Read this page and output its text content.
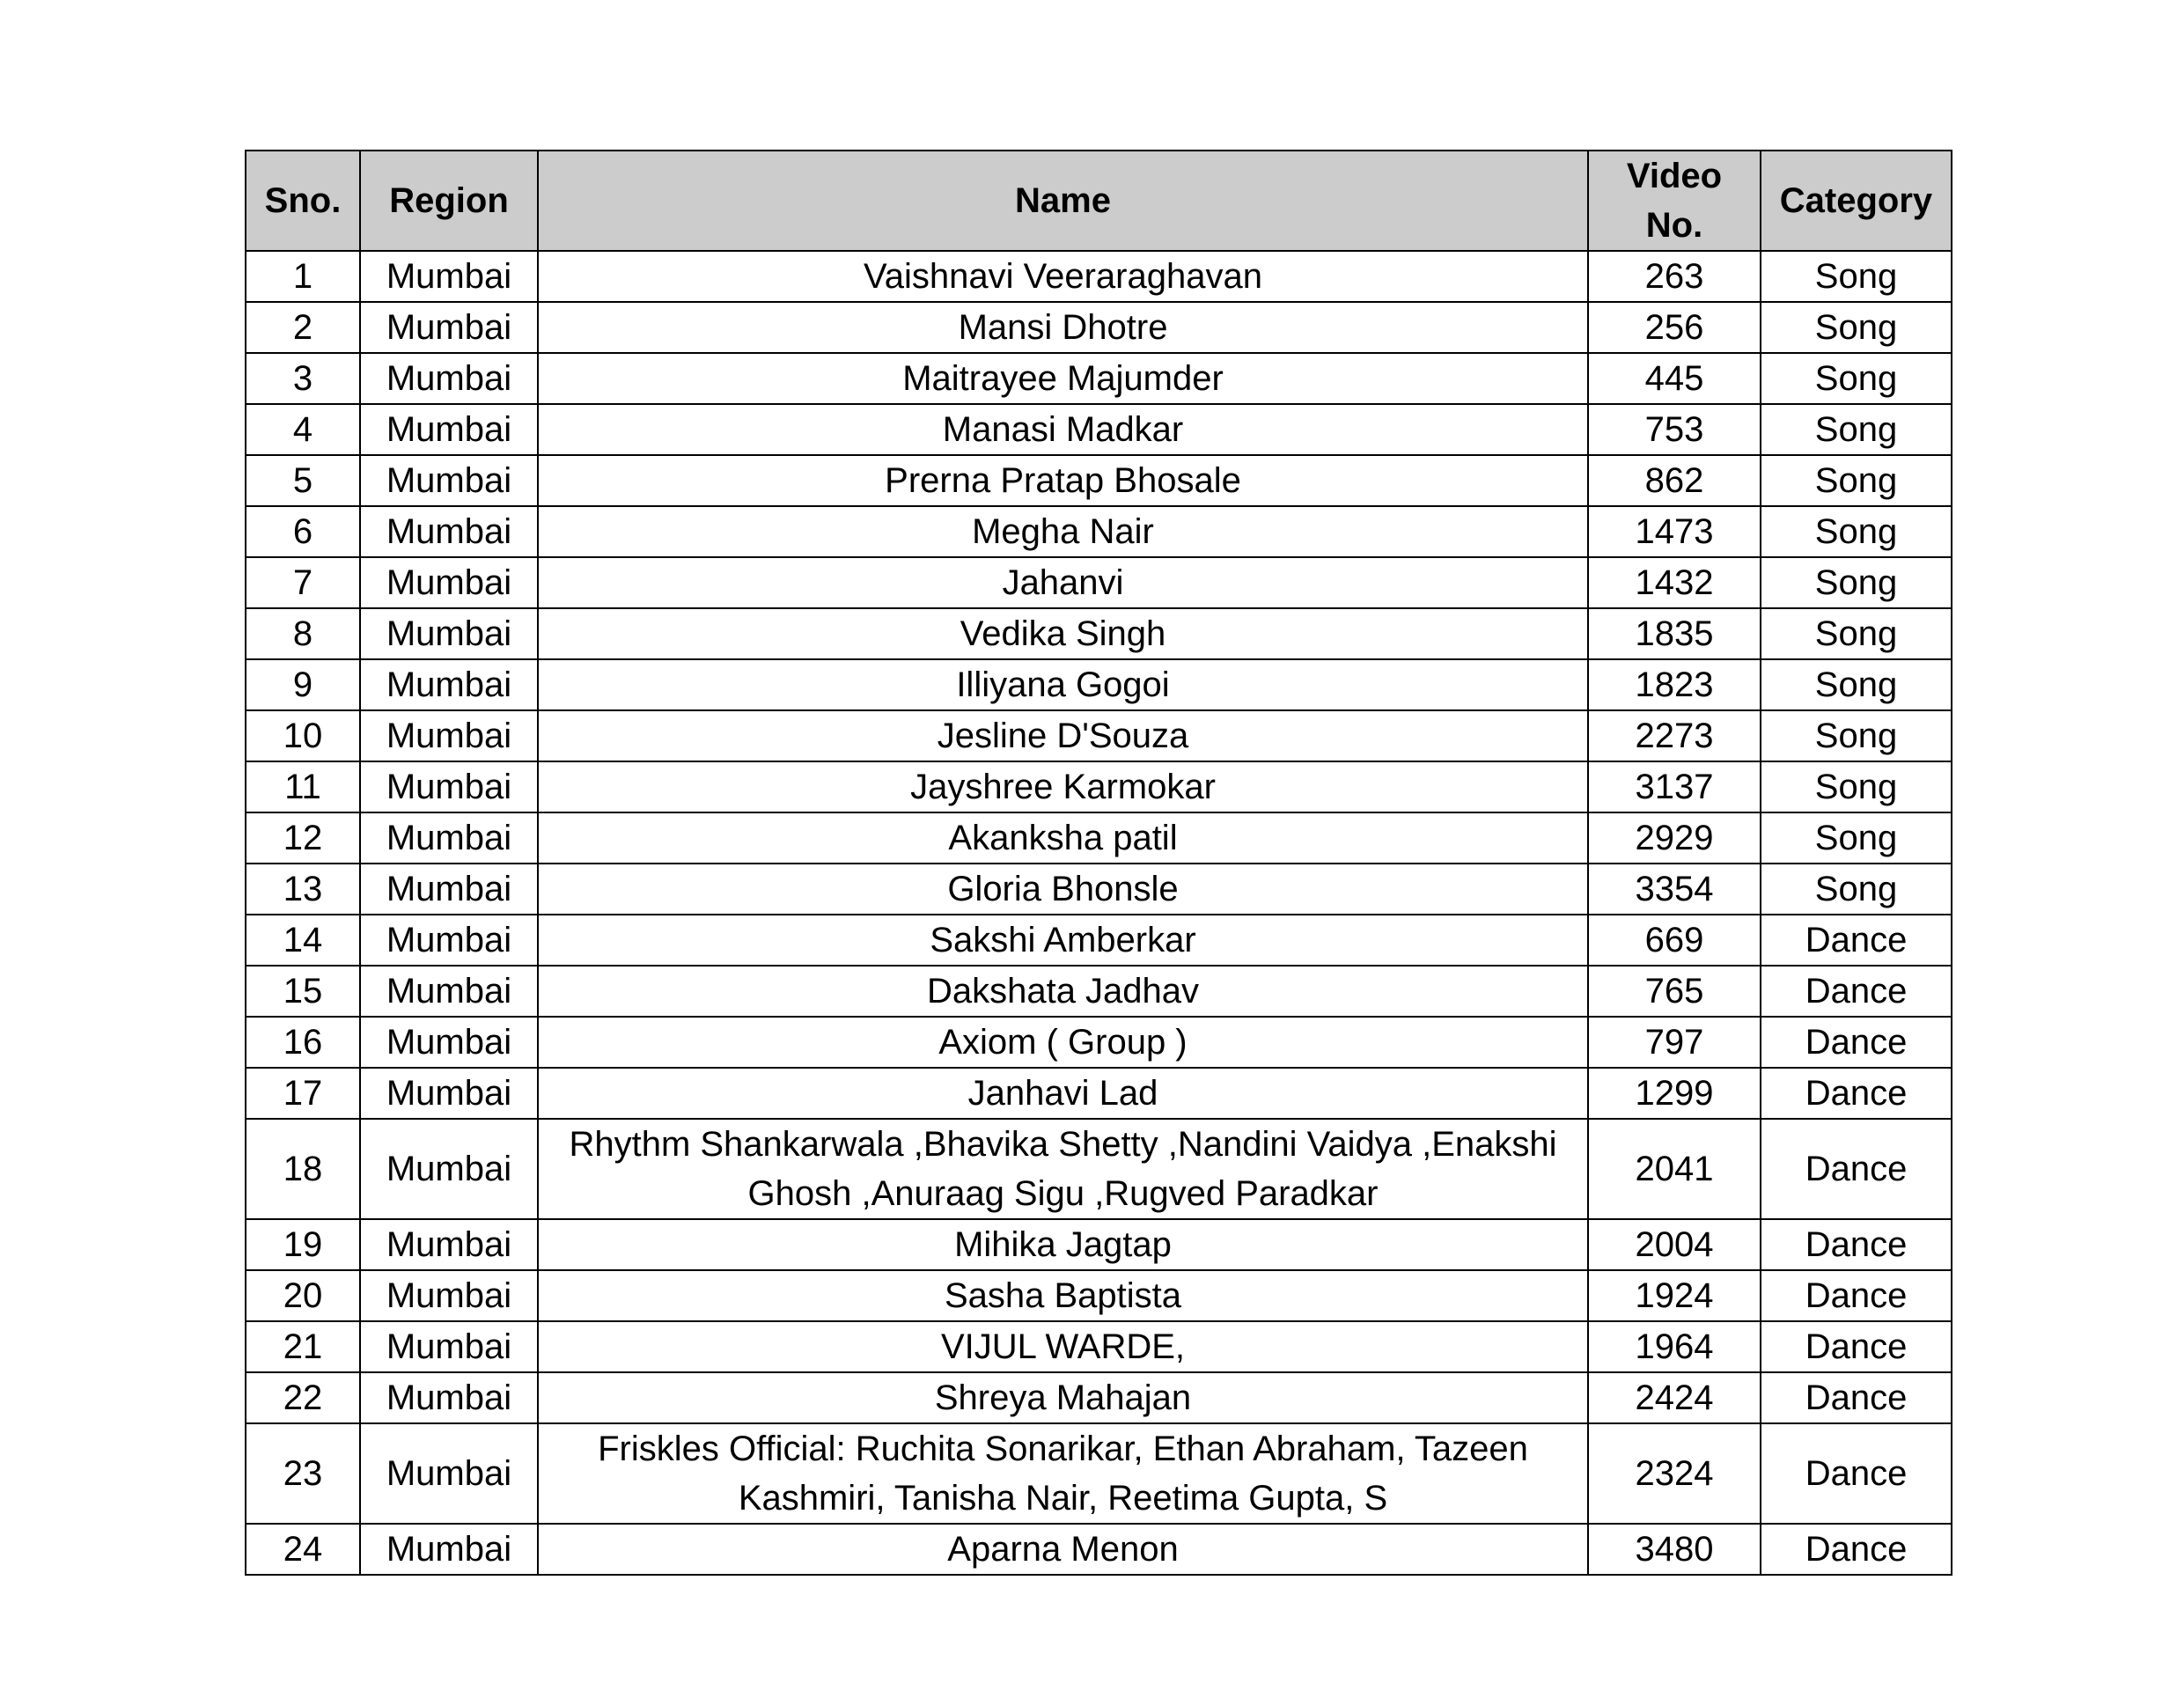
Sno.	Region	Name	Video No.	Category
1	Mumbai	Vaishnavi Veeraraghavan	263	Song
2	Mumbai	Mansi Dhotre	256	Song
3	Mumbai	Maitrayee Majumder	445	Song
4	Mumbai	Manasi Madkar	753	Song
5	Mumbai	Prerna Pratap Bhosale	862	Song
6	Mumbai	Megha Nair	1473	Song
7	Mumbai	Jahanvi	1432	Song
8	Mumbai	Vedika Singh	1835	Song
9	Mumbai	Illiyana Gogoi	1823	Song
10	Mumbai	Jesline D'Souza	2273	Song
11	Mumbai	Jayshree Karmokar	3137	Song
12	Mumbai	Akanksha patil	2929	Song
13	Mumbai	Gloria Bhonsle	3354	Song
14	Mumbai	Sakshi Amberkar	669	Dance
15	Mumbai	Dakshata Jadhav	765	Dance
16	Mumbai	Axiom ( Group )	797	Dance
17	Mumbai	Janhavi Lad	1299	Dance
18	Mumbai	Rhythm Shankarwala ,Bhavika Shetty ,Nandini Vaidya ,Enakshi Ghosh ,Anuraag Sigu ,Rugved Paradkar	2041	Dance
19	Mumbai	Mihika Jagtap	2004	Dance
20	Mumbai	Sasha Baptista	1924	Dance
21	Mumbai	VIJUL WARDE,	1964	Dance
22	Mumbai	Shreya Mahajan	2424	Dance
23	Mumbai	Friskles Official: Ruchita Sonarikar, Ethan Abraham, Tazeen Kashmiri, Tanisha Nair, Reetima Gupta, S	2324	Dance
24	Mumbai	Aparna Menon	3480	Dance
